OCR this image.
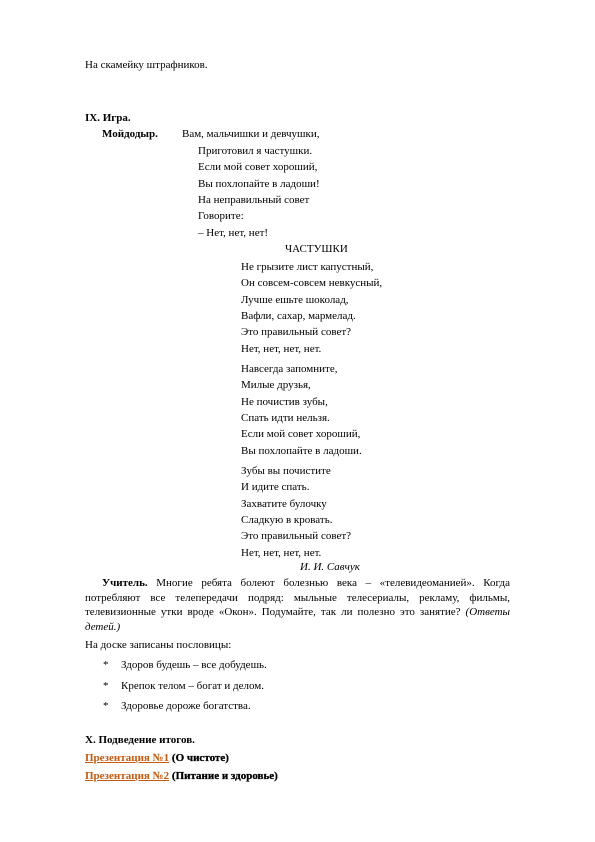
На скамейку штрафников.
IX. Игра.
Мойдодыр. Вам, мальчишки и девчушки,
Приготовил я частушки.
Если мой совет хороший,
Вы похлопайте в ладоши!
На неправильный совет
Говорите:
– Нет, нет, нет!
ЧАСТУШКИ
Не грызите лист капустный,
Он совсем-совсем невкусный,
Лучше ешьте шоколад,
Вафли, сахар, мармелад.
Это правильный совет?
Нет, нет, нет, нет.
Навсегда запомните,
Милые друзья,
Не почистив зубы,
Спать идти нельзя.
Если мой совет хороший,
Вы похлопайте в ладоши.
Зубы вы почистите
И идите спать.
Захватите булочку
Сладкую в кровать.
Это правильный совет?
Нет, нет, нет, нет.
И. И. Савчук
Учитель. Многие ребята болеют болезнью века – «телевидеоманией». Когда потребляют все телепередачи подряд: мыльные телесериалы, рекламу, фильмы, телевизионные утки вроде «Окон». Подумайте, так ли полезно это занятие? (Ответы детей.)
На доске записаны пословицы:
* Здоров будешь – все добудешь.
* Крепок телом – богат и делом.
* Здоровье дороже богатства.
X. Подведение итогов.
Презентация №1 (О чистоте)
Презентация №2 (Питание и здоровье)
